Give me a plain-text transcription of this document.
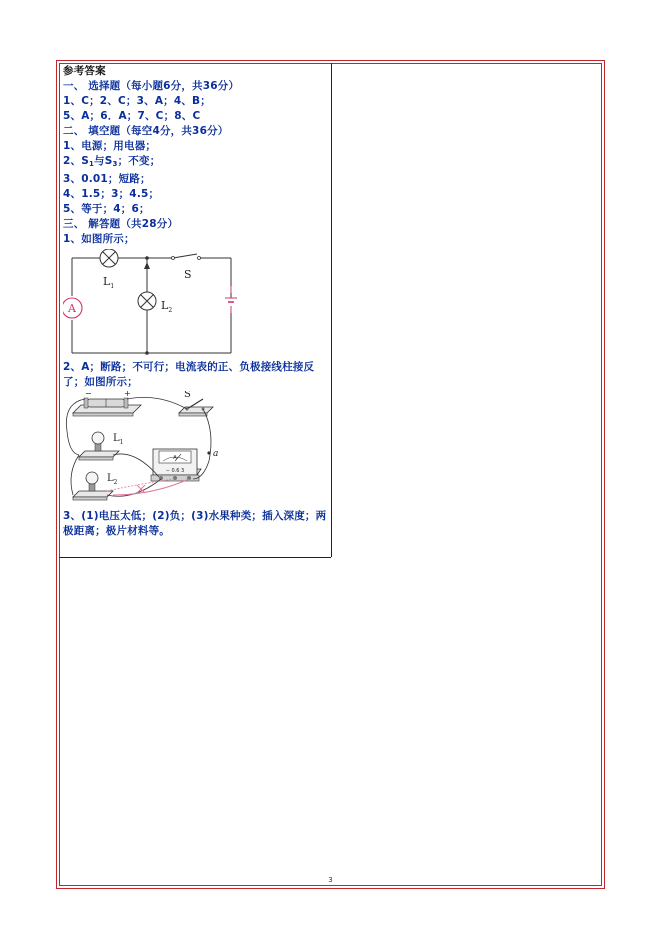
参考答案
一、 选择题（每小题6分，共36分）
1、C；2、C；3、A；4、B；
5、A；6．A；7、C；8、C
二、 填空题（每空4分，共36分）
1、电源；用电器；
2、$S_1$与$S_3$；不变；
3、0.01；短路；
4、1.5；3；4.5；
5、等于；4；6；
三、 解答题（共28分）
1、如图所示；
A
$L_1$
$L_2$
S
2、A；断路；不可行；电流表的正、负极接线柱接反了；如图所示；
−	+	S
$L_1$
$L_2$
A
− 0.6 3
a
3、(1)电压太低；(2)负；(3)水果种类；插入深度；两极距离；极片材料等。
3
